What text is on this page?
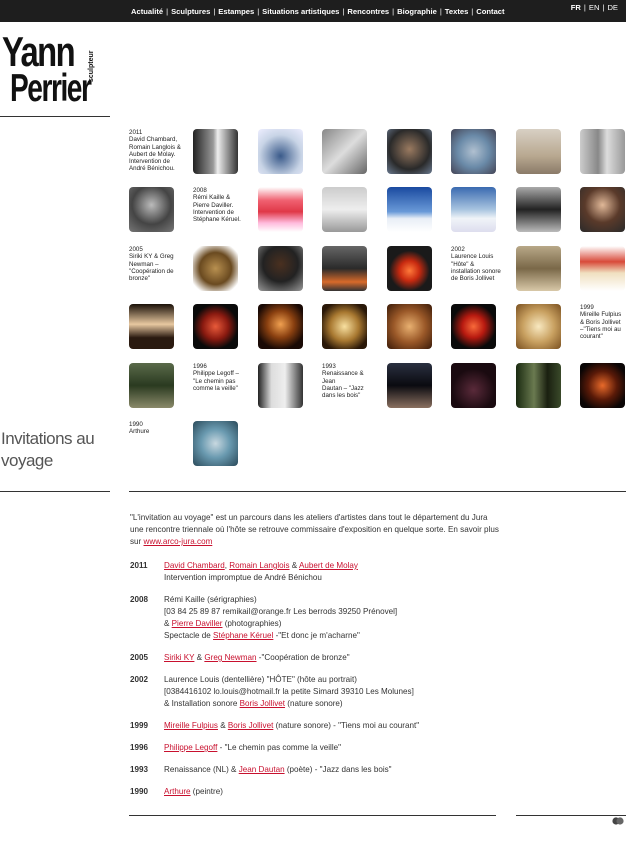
Actualité | Sculptures | Estampes | Situations artistiques | Rencontres | Biographie | Textes | Contact	FR | EN | DE
Yann sculpteur
Perrier
Invitations au voyage
2011
David Chambard,
Romain Langlois &
Aubert de Molay.
Intervention de
André Bénichou.
2008
Rémi Kaille &
Pierre Daviller.
Intervention de
Stéphane Kéruel.
2005
Siriki KY & Greg
Newman –
"Coopération de
bronze"
2002
Laurence Louis
"Hôte" &
installation sonore
de Boris Jollivet
1999
Mireille Fulpius
& Boris Jollivet
–"Tiens moi au
courant"
1996
Philippe Legoff –
"Le chemin pas
comme la veille"
1993
Renaissance & Jean
Dautan – "Jazz
dans les bois"
1990
Arthure
"L'invitation au voyage" est un parcours dans les ateliers d'artistes dans tout le département du Jura une rencontre triennale où l'hôte se retrouve commissaire d'exposition en quelque sorte. En savoir plus sur www.arco-jura.com
2011	David Chambard, Romain Langlois & Aubert de Molay
Intervention impromptue de André Bénichou
2008	Rémi Kaille (sérigraphies)
[03 84 25 89 87 remikail@orange.fr Les berrods 39250 Prénovel]
& Pierre Daviller (photographies)
Spectacle de Stéphane Kéruel -"Et donc je m'acharne"
2005	Siriki KY & Greg Newman -"Coopération de bronze"
2002	Laurence Louis (dentellière) "HÔTE" (hôte au portrait)
[0384416102 lo.louis@hotmail.fr la petite Simard 39310 Les Molunes]
& Installation sonore Boris Jollivet (nature sonore)
1999	Mireille Fulpius & Boris Jollivet (nature sonore) - "Tiens moi au courant"
1996	Philippe Legoff - "Le chemin pas comme la veille"
1993	Renaissance (NL) & Jean Dautan (poète) - "Jazz dans les bois"
1990	Arthure (peintre)
